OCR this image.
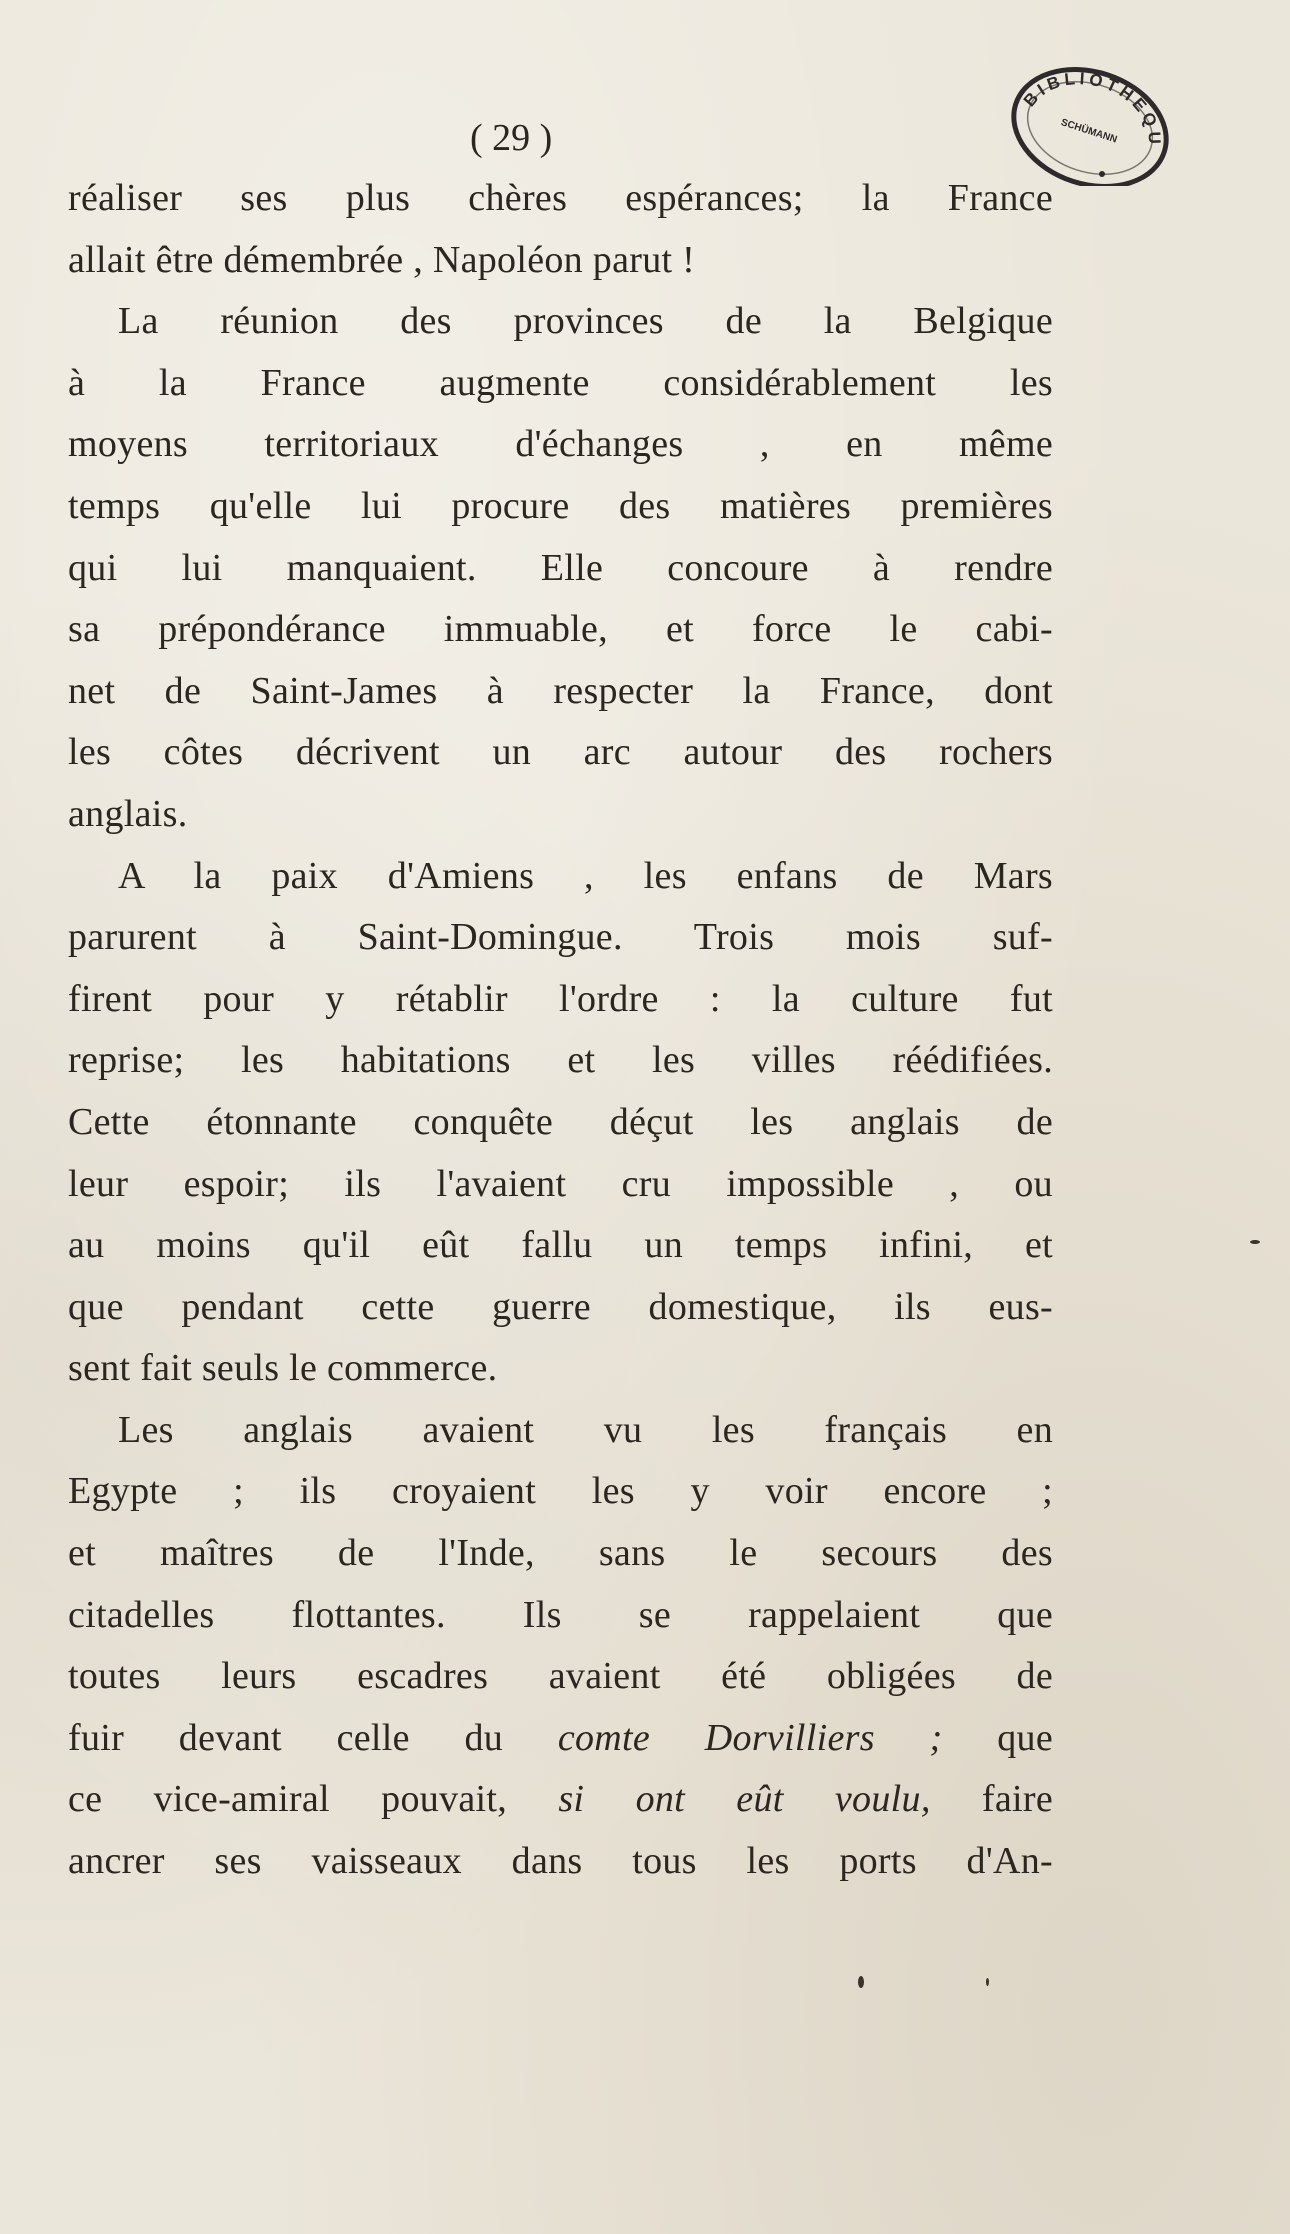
BIBLIOTHÈQUE
SCHÜMANN
( 29 )
réaliser ses plus chères espérances; la France
allait être démembrée , Napoléon parut !
La réunion des provinces de la Belgique
à la France augmente considérablement les
moyens territoriaux d'échanges , en même
temps qu'elle lui procure des matières premières
qui lui manquaient. Elle concoure à rendre
sa prépondérance immuable, et force le cabi-
net de Saint-James à respecter la France, dont
les côtes décrivent un arc autour des rochers
anglais.
A la paix d'Amiens , les enfans de Mars
parurent à Saint-Domingue. Trois mois suf-
firent pour y rétablir l'ordre : la culture fut
reprise; les habitations et les villes réédifiées.
Cette étonnante conquête déçut les anglais de
leur espoir; ils l'avaient cru impossible , ou
au moins qu'il eût fallu un temps infini, et
que pendant cette guerre domestique, ils eus-
sent fait seuls le commerce.
Les anglais avaient vu les français en
Egypte ; ils croyaient les y voir encore ;
et maîtres de l'Inde, sans le secours des
citadelles flottantes. Ils se rappelaient que
toutes leurs escadres avaient été obligées de
fuir devant celle du comte Dorvilliers ; que
ce vice-amiral pouvait, si ont eût voulu, faire
ancrer ses vaisseaux dans tous les ports d'An-
